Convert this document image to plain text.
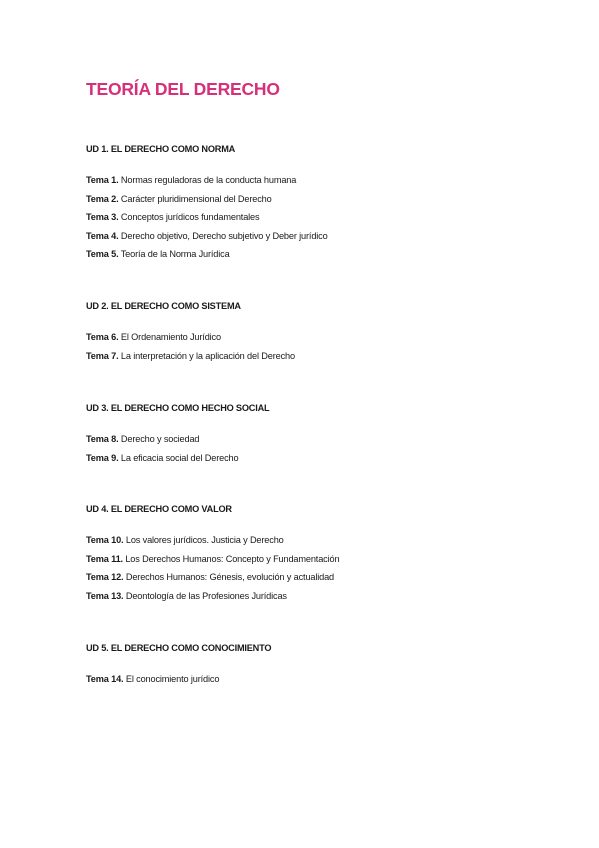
TEORÍA DEL DERECHO
UD 1. EL DERECHO COMO NORMA
Tema 1. Normas reguladoras de la conducta humana
Tema 2. Carácter pluridimensional del Derecho
Tema 3. Conceptos jurídicos fundamentales
Tema 4. Derecho objetivo, Derecho subjetivo y Deber jurídico
Tema 5. Teoría de la Norma Jurídica
UD 2. EL DERECHO COMO SISTEMA
Tema 6. El Ordenamiento Jurídico
Tema 7. La interpretación y la aplicación del Derecho
UD 3. EL DERECHO COMO HECHO SOCIAL
Tema 8. Derecho y sociedad
Tema 9. La eficacia social del Derecho
UD 4. EL DERECHO COMO VALOR
Tema 10. Los valores jurídicos. Justicia y Derecho
Tema 11. Los Derechos Humanos: Concepto y Fundamentación
Tema 12. Derechos Humanos: Génesis, evolución y actualidad
Tema 13. Deontología de las Profesiones Jurídicas
UD 5. EL DERECHO COMO CONOCIMIENTO
Tema 14. El conocimiento jurídico
